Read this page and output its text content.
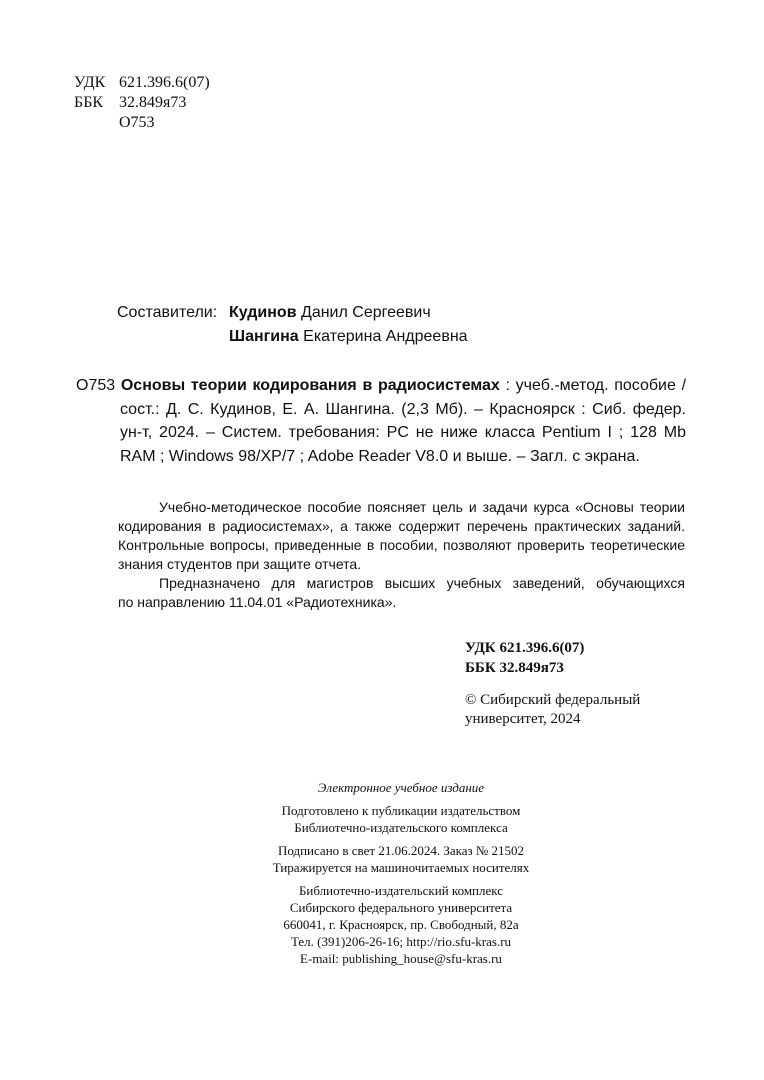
УДК 621.396.6(07)
ББК 32.849я73
О753
Составители: Кудинов Данил Сергеевич
Шангина Екатерина Андреевна
О753 Основы теории кодирования в радиосистемах : учеб.-метод. пособие /
сост.: Д. С. Кудинов, Е. А. Шангина. (2,3 Мб). – Красноярск : Сиб. федер.
ун-т, 2024. – Систем. требования: PC не ниже класса Pentium I ; 128 Mb
RAM ; Windows 98/XP/7 ; Adobe Reader V8.0 и выше. – Загл. с экрана.
Учебно-методическое пособие поясняет цель и задачи курса «Основы теории
кодирования в радиосистемах», а также содержит перечень практических заданий.
Контрольные вопросы, приведенные в пособии, позволяют проверить теоретические
знания студентов при защите отчета.
Предназначено для магистров высших учебных заведений, обучающихся
по направлению 11.04.01 «Радиотехника».
УДК 621.396.6(07)
ББК 32.849я73
© Сибирский федеральный
университет, 2024
Электронное учебное издание
Подготовлено к публикации издательством
Библиотечно-издательского комплекса
Подписано в свет 21.06.2024. Заказ № 21502
Тиражируется на машиночитаемых носителях
Библиотечно-издательский комплекс
Сибирского федерального университета
660041, г. Красноярск, пр. Свободный, 82а
Тел. (391)206-26-16; http://rio.sfu-kras.ru
E-mail: publishing_house@sfu-kras.ru
